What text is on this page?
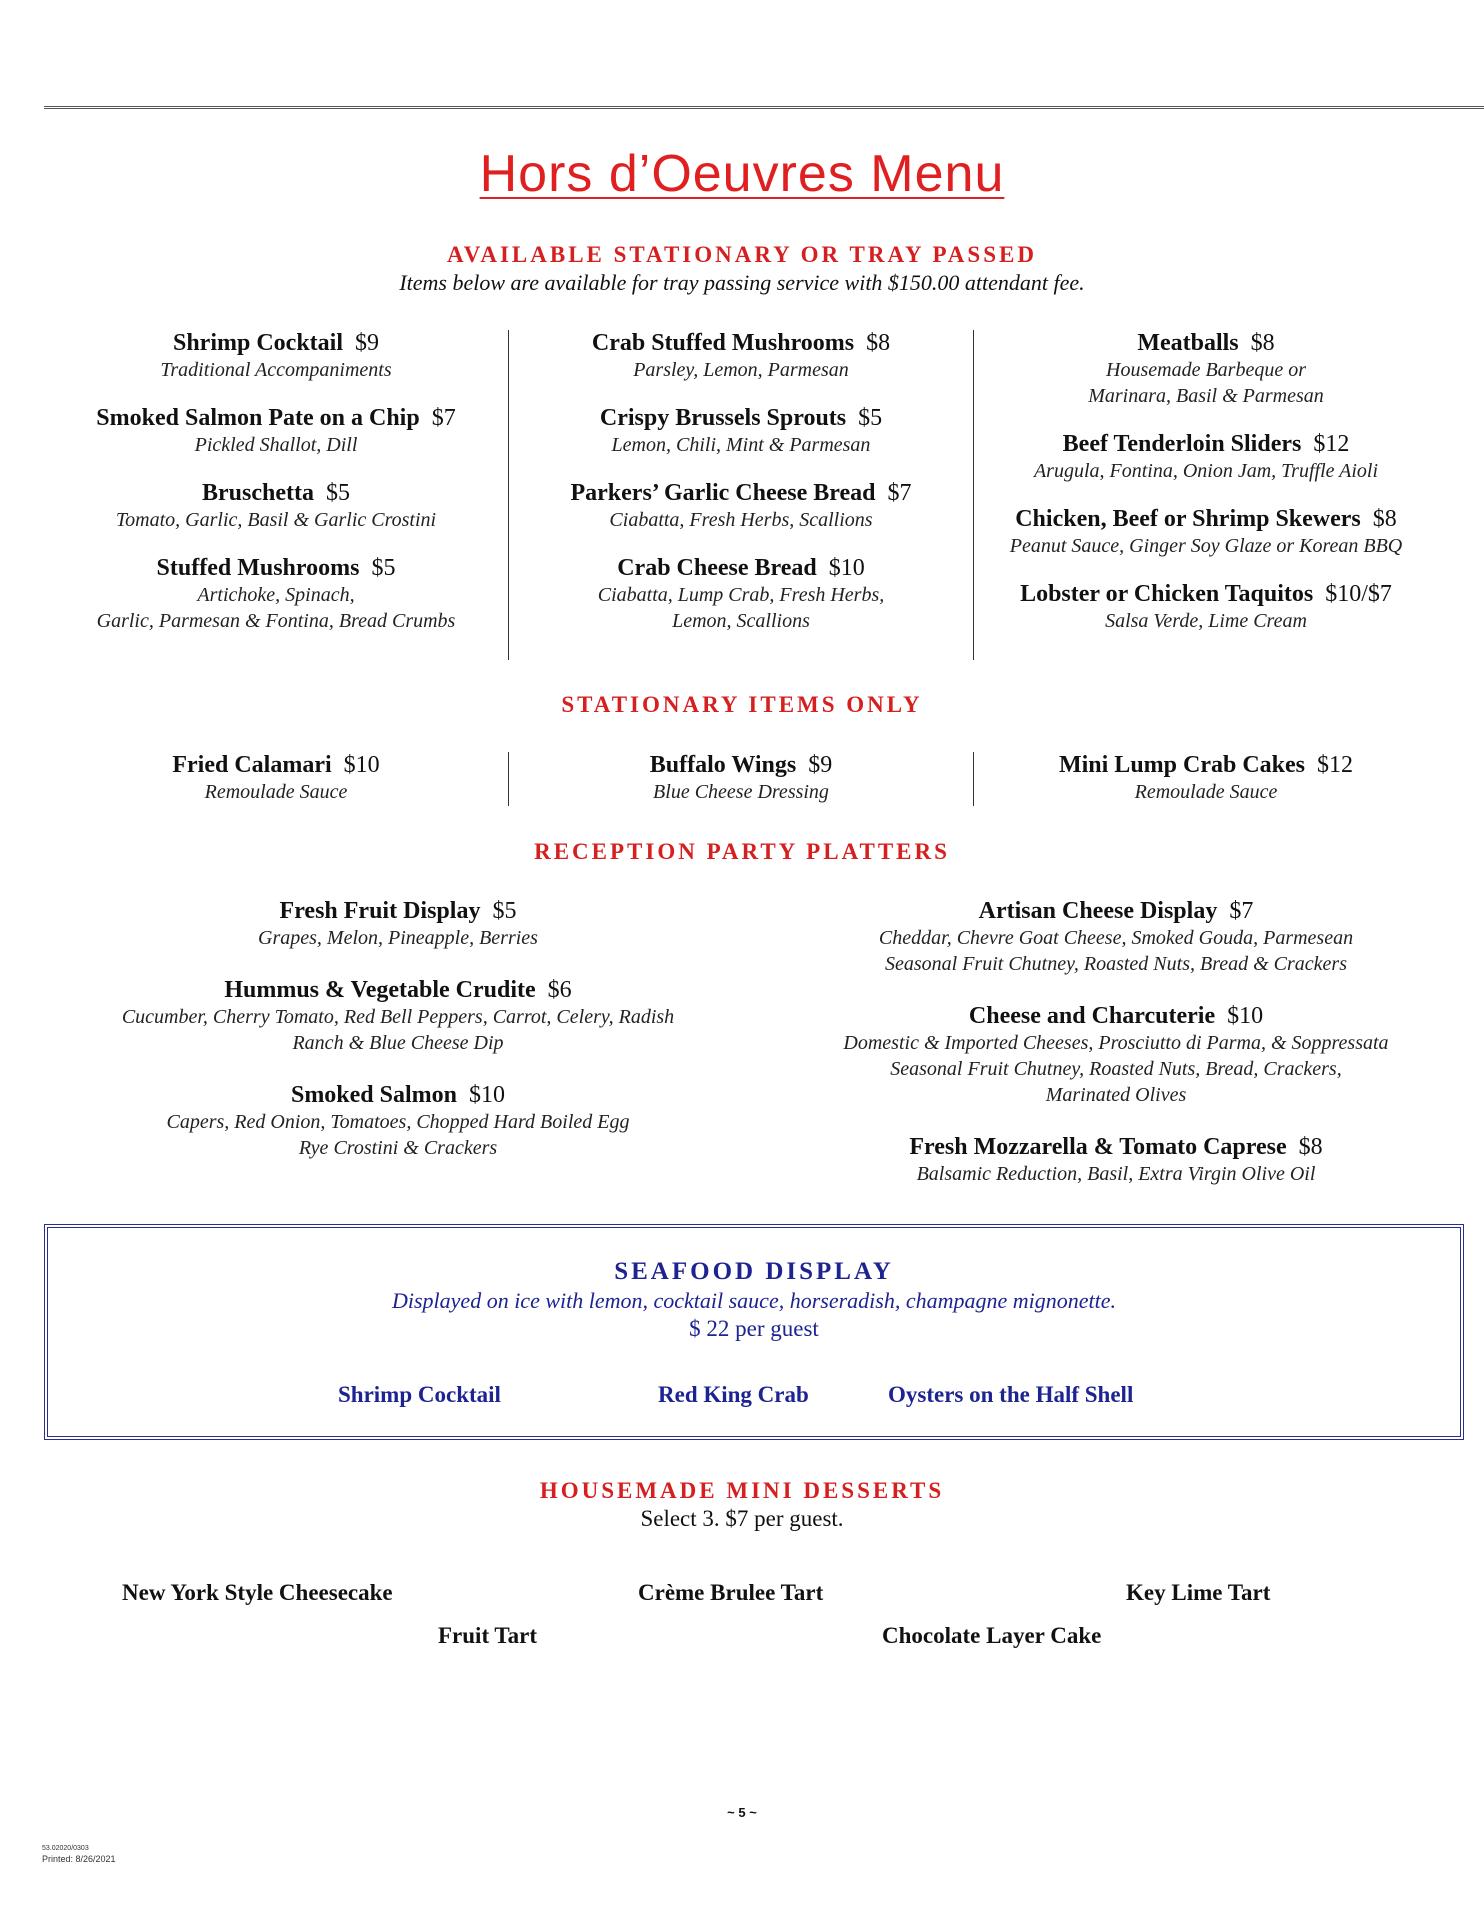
Hors d’Oeuvres Menu
AVAILABLE STATIONARY OR TRAY PASSED
Items below are available for tray passing service with $150.00 attendant fee.
Shrimp Cocktail $9
Traditional Accompaniments
Smoked Salmon Pate on a Chip $7
Pickled Shallot, Dill
Bruschetta $5
Tomato, Garlic, Basil & Garlic Crostini
Stuffed Mushrooms $5
Artichoke, Spinach,
Garlic, Parmesan & Fontina, Bread Crumbs
Crab Stuffed Mushrooms $8
Parsley, Lemon, Parmesan
Crispy Brussels Sprouts $5
Lemon, Chili, Mint & Parmesan
Parkers’ Garlic Cheese Bread $7
Ciabatta, Fresh Herbs, Scallions
Crab Cheese Bread $10
Ciabatta, Lump Crab, Fresh Herbs,
Lemon, Scallions
Meatballs $8
Housemade Barbeque or
Marinara, Basil & Parmesan
Beef Tenderloin Sliders $12
Arugula, Fontina, Onion Jam, Truffle Aioli
Chicken, Beef or Shrimp Skewers $8
Peanut Sauce, Ginger Soy Glaze or Korean BBQ
Lobster or Chicken Taquitos $10/$7
Salsa Verde, Lime Cream
STATIONARY ITEMS ONLY
Fried Calamari $10
Remoulade Sauce
Buffalo Wings $9
Blue Cheese Dressing
Mini Lump Crab Cakes $12
Remoulade Sauce
RECEPTION PARTY PLATTERS
Fresh Fruit Display $5
Grapes, Melon, Pineapple, Berries
Hummus & Vegetable Crudite $6
Cucumber, Cherry Tomato, Red Bell Peppers, Carrot, Celery, Radish
Ranch & Blue Cheese Dip
Smoked Salmon $10
Capers, Red Onion, Tomatoes, Chopped Hard Boiled Egg
Rye Crostini & Crackers
Artisan Cheese Display $7
Cheddar, Chevre Goat Cheese, Smoked Gouda, Parmesean
Seasonal Fruit Chutney, Roasted Nuts, Bread & Crackers
Cheese and Charcuterie $10
Domestic & Imported Cheeses, Prosciutto di Parma, & Soppressata
Seasonal Fruit Chutney, Roasted Nuts, Bread, Crackers,
Marinated Olives
Fresh Mozzarella & Tomato Caprese $8
Balsamic Reduction, Basil, Extra Virgin Olive Oil
SEAFOOD DISPLAY
Displayed on ice with lemon, cocktail sauce, horseradish, champagne mignonette.
$ 22 per guest
Shrimp Cocktail	Red King Crab	Oysters on the Half Shell
HOUSEMADE MINI DESSERTS
Select 3. $7 per guest.
New York Style Cheesecake	Crème Brulee Tart	Key Lime Tart
Fruit Tart	Chocolate Layer Cake
~ 5 ~
53.02020/0303
Printed: 8/26/2021
